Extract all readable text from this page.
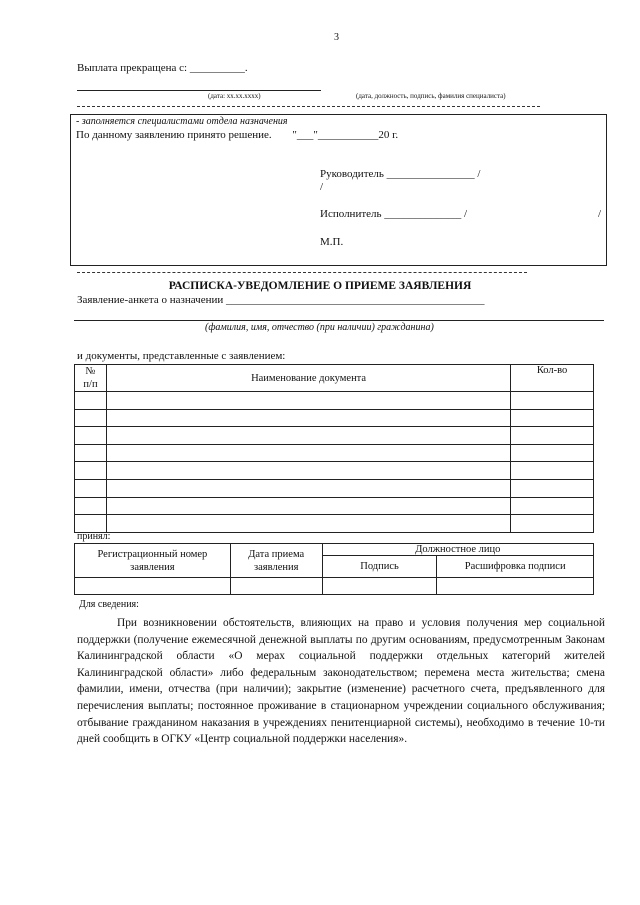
3
Выплата прекращена с: __________.
(дата: хх.хх.хххх)	(дата, должность, подпись, фамилия специалиста)
- заполняется специалистами отдела назначения
По данному заявлению принято решение. "___"___________20 г.
Руководитель ________________ /
/
Исполнитель ______________ /	/
М.П.
РАСПИСКА-УВЕДОМЛЕНИЕ О ПРИЕМЕ ЗАЯВЛЕНИЯ
Заявление-анкета о назначении _______________________________________________
(фамилия, имя, отчество (при наличии) гражданина)
и документы, представленные с заявлением:
№ п/п	Наименование документа	Кол-во

принял:
Регистрационный номер заявления	Дата приема заявления	Должностное лицо	
		Подпись	Расшифровка подписи

Для сведения:
При возникновении обстоятельств, влияющих на право и условия получения мер социальной поддержки (получение ежемесячной денежной выплаты по другим основаниям, предусмотренным Законам Калининградской области «О мерах социальной поддержки отдельных категорий жителей Калининградской области» либо федеральным законодательством; перемена места жительства; смена фамилии, имени, отчества (при наличии); закрытие (изменение) расчетного счета, предъявленного для перечисления выплаты; постоянное проживание в стационарном учреждении социального обслуживания; отбывание гражданином наказания в учреждениях пенитенциарной системы), необходимо в течение 10-ти дней сообщить в ОГКУ «Центр социальной поддержки населения».
